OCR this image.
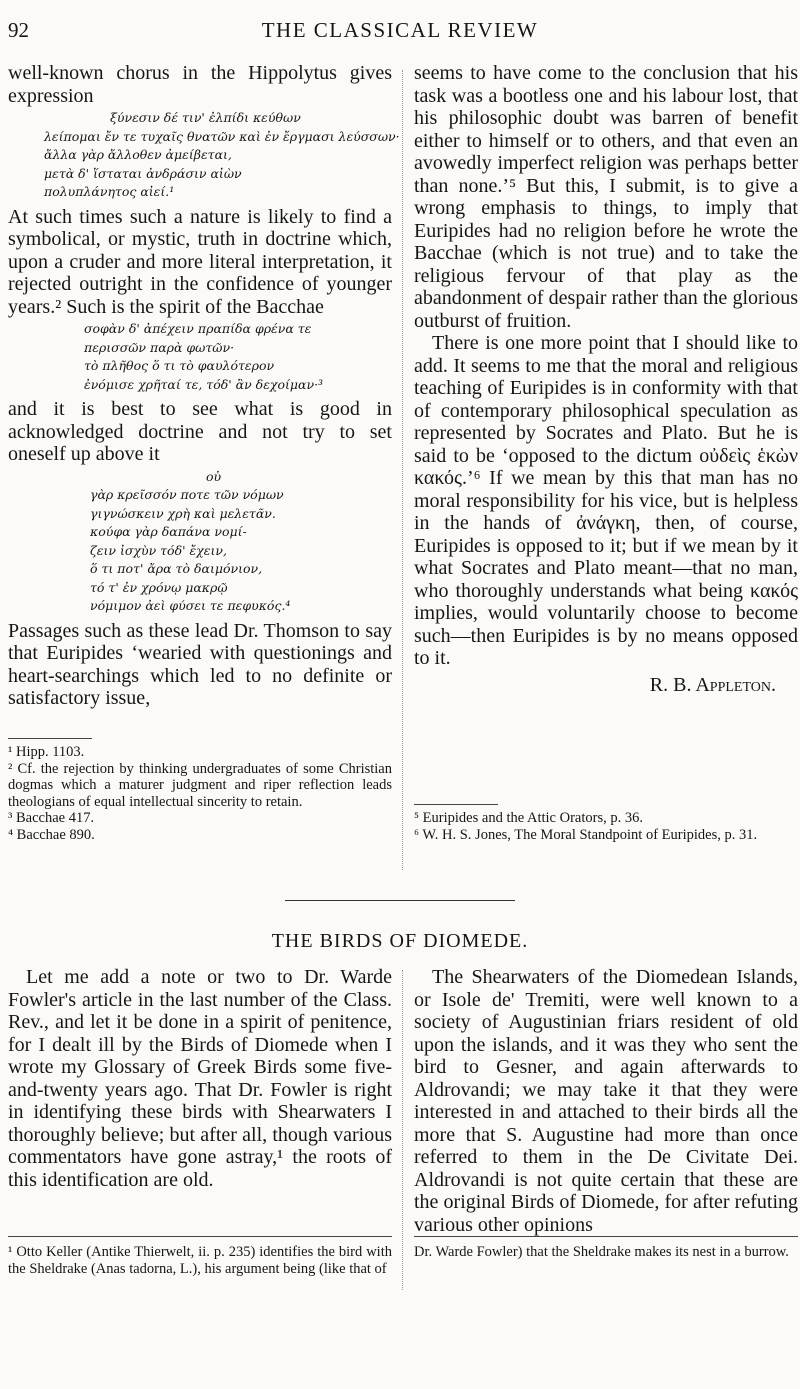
92	THE CLASSICAL REVIEW

well-known chorus in the Hippolytus gives expression

ξύνεσιν δέ τιν' ἐλπίδι κεύθων
λείπομαι ἔν τε τυχαῖς θνατῶν καὶ ἐν ἔργμασι λεύσσων·
ἄλλα γὰρ ἄλλοθεν ἀμείβεται,
μετὰ δ' ἵσταται ἀνδράσιν αἰὼν
πολυπλάνητος αἰεί.¹

At such times such a nature is likely to find a symbolical, or mystic, truth in doctrine which, upon a cruder and more literal interpretation, it rejected outright in the confidence of younger years.² Such is the spirit of the Bacchae

σοφὰν δ' ἀπέχειν πραπίδα φρένα τε
περισσῶν παρὰ φωτῶν·
τὸ πλῆθος ὅ τι τὸ φαυλότερον
ἐνόμισε χρῆταί τε, τόδ' ἂν δεχοίμαν·³

and it is best to see what is good in acknowledged doctrine and not try to set oneself up above it

οὐ
γὰρ κρεῖσσόν ποτε τῶν νόμων
γιγνώσκειν χρὴ καὶ μελετᾶν.
κούφα γὰρ δαπάνα νομί-
ζειν ἰσχὺν τόδ' ἔχειν,
ὅ τι ποτ' ἄρα τὸ δαιμόνιον,
τό τ' ἐν χρόνῳ μακρῷ
νόμιμον ἀεὶ φύσει τε πεφυκός.⁴

Passages such as these lead Dr. Thomson to say that Euripides ‘wearied with questionings and heart-searchings which led to no definite or satisfactory issue,

¹ Hipp. 1103.

² Cf. the rejection by thinking undergraduates of some Christian dogmas which a maturer judgment and riper reflection leads theologians of equal intellectual sincerity to retain.

³ Bacchae 417.

⁴ Bacchae 890.

seems to have come to the conclusion that his task was a bootless one and his labour lost, that his philosophic doubt was barren of benefit either to himself or to others, and that even an avowedly imperfect religion was perhaps better than none.’⁵ But this, I submit, is to give a wrong emphasis to things, to imply that Euripides had no religion before he wrote the Bacchae (which is not true) and to take the religious fervour of that play as the abandonment of despair rather than the glorious outburst of fruition.

There is one more point that I should like to add. It seems to me that the moral and religious teaching of Euripides is in conformity with that of contemporary philosophical speculation as represented by Socrates and Plato. But he is said to be ‘opposed to the dictum οὐδεὶς ἑκὼν κακός.’⁶ If we mean by this that man has no moral responsibility for his vice, but is helpless in the hands of ἀνάγκη, then, of course, Euripides is opposed to it; but if we mean by it what Socrates and Plato meant—that no man, who thoroughly understands what being κακός implies, would voluntarily choose to become such—then Euripides is by no means opposed to it.

R. B. Appleton.

⁵ Euripides and the Attic Orators, p. 36.

⁶ W. H. S. Jones, The Moral Standpoint of Euripides, p. 31.

THE BIRDS OF DIOMEDE.

Let me add a note or two to Dr. Warde Fowler's article in the last number of the Class. Rev., and let it be done in a spirit of penitence, for I dealt ill by the Birds of Diomede when I wrote my Glossary of Greek Birds some five-and-twenty years ago. That Dr. Fowler is right in identifying these birds with Shearwaters I thoroughly believe; but after all, though various commentators have gone astray,¹ the roots of this identification are old.

¹ Otto Keller (Antike Thierwelt, ii. p. 235) identifies the bird with the Sheldrake (Anas tadorna, L.), his argument being (like that of

The Shearwaters of the Diomedean Islands, or Isole de' Tremiti, were well known to a society of Augustinian friars resident of old upon the islands, and it was they who sent the bird to Gesner, and again afterwards to Aldrovandi; we may take it that they were interested in and attached to their birds all the more that S. Augustine had more than once referred to them in the De Civitate Dei. Aldrovandi is not quite certain that these are the original Birds of Diomede, for after refuting various other opinions

Dr. Warde Fowler) that the Sheldrake makes its nest in a burrow.
